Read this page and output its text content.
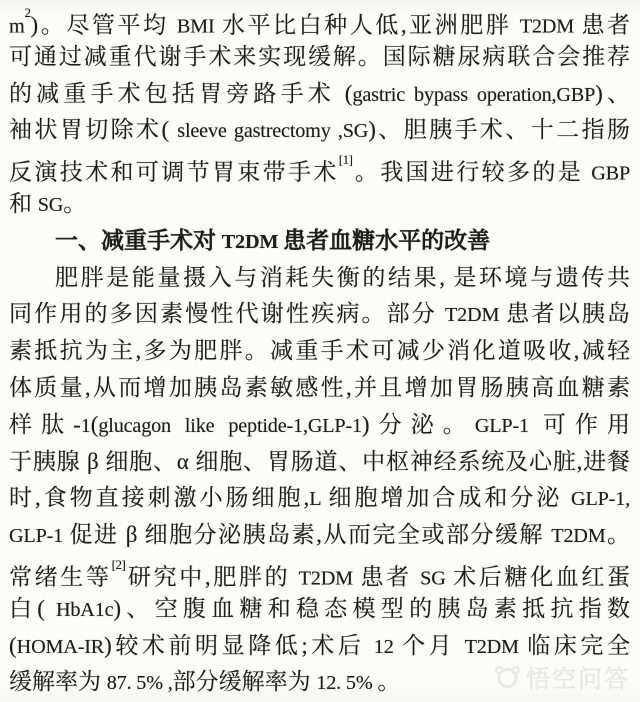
$m^2$)。尽管平均 BMI 水平比白种人低,亚洲肥胖 T2DM 患者
可通过减重代谢手术来实现缓解。国际糖尿病联合会推荐
的减重手术包括胃旁路手术 (gastric bypass operation,GBP)、
袖状胃切除术( sleeve gastrectomy ,SG)、胆胰手术、十二指肠
反演技术和可调节胃束带手术[1]。我国进行较多的是 GBP
和 SG。
一、减重手术对 T2DM 患者血糖水平的改善
肥胖是能量摄入与消耗失衡的结果, 是环境与遗传共
同作用的多因素慢性代谢性疾病。部分 T2DM 患者以胰岛
素抵抗为主,多为肥胖。减重手术可减少消化道吸收,减轻
体质量,从而增加胰岛素敏感性,并且增加胃肠胰高血糖素
样肽-1(glucagon like peptide-1,GLP-1)分泌。GLP-1 可作用
于胰腺 β 细胞、α 细胞、胃肠道、中枢神经系统及心脏,进餐
时,食物直接刺激小肠细胞,L 细胞增加合成和分泌 GLP-1,
GLP-1 促进 β 细胞分泌胰岛素,从而完全或部分缓解 T2DM。
常绪生等[2]研究中,肥胖的 T2DM 患者 SG 术后糖化血红蛋
白( HbA1c)、空腹血糖和稳态模型的胰岛素抵抗指数
(HOMA-IR)较术前明显降低;术后 12 个月 T2DM 临床完全
缓解率为 87. 5% ,部分缓解率为 12. 5% 。	悟空问答
